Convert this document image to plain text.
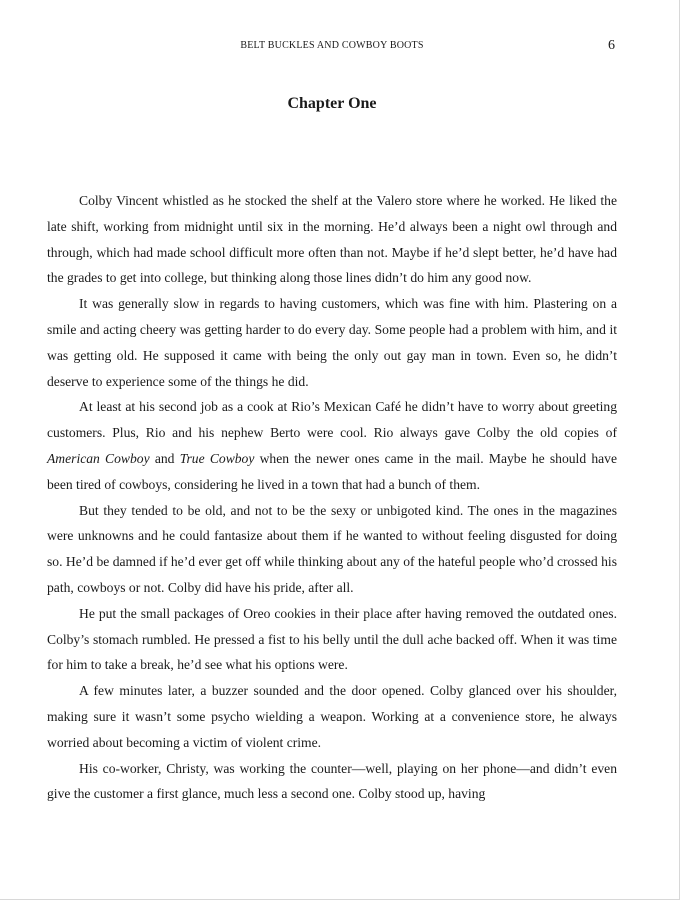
BELT BUCKLES AND COWBOY BOOTS	6
Chapter One

Colby Vincent whistled as he stocked the shelf at the Valero store where he worked. He liked the late shift, working from midnight until six in the morning. He’d always been a night owl through and through, which had made school difficult more often than not. Maybe if he’d slept better, he’d have had the grades to get into college, but thinking along those lines didn’t do him any good now.

It was generally slow in regards to having customers, which was fine with him. Plastering on a smile and acting cheery was getting harder to do every day. Some people had a problem with him, and it was getting old. He supposed it came with being the only out gay man in town. Even so, he didn’t deserve to experience some of the things he did.

At least at his second job as a cook at Rio’s Mexican Café he didn’t have to worry about greeting customers. Plus, Rio and his nephew Berto were cool. Rio always gave Colby the old copies of American Cowboy and True Cowboy when the newer ones came in the mail. Maybe he should have been tired of cowboys, considering he lived in a town that had a bunch of them.

But they tended to be old, and not to be the sexy or unbigoted kind. The ones in the magazines were unknowns and he could fantasize about them if he wanted to without feeling disgusted for doing so. He’d be damned if he’d ever get off while thinking about any of the hateful people who’d crossed his path, cowboys or not. Colby did have his pride, after all.

He put the small packages of Oreo cookies in their place after having removed the outdated ones. Colby’s stomach rumbled. He pressed a fist to his belly until the dull ache backed off. When it was time for him to take a break, he’d see what his options were.

A few minutes later, a buzzer sounded and the door opened. Colby glanced over his shoulder, making sure it wasn’t some psycho wielding a weapon. Working at a convenience store, he always worried about becoming a victim of violent crime.

His co-worker, Christy, was working the counter—well, playing on her phone—and didn’t even give the customer a first glance, much less a second one. Colby stood up, having
